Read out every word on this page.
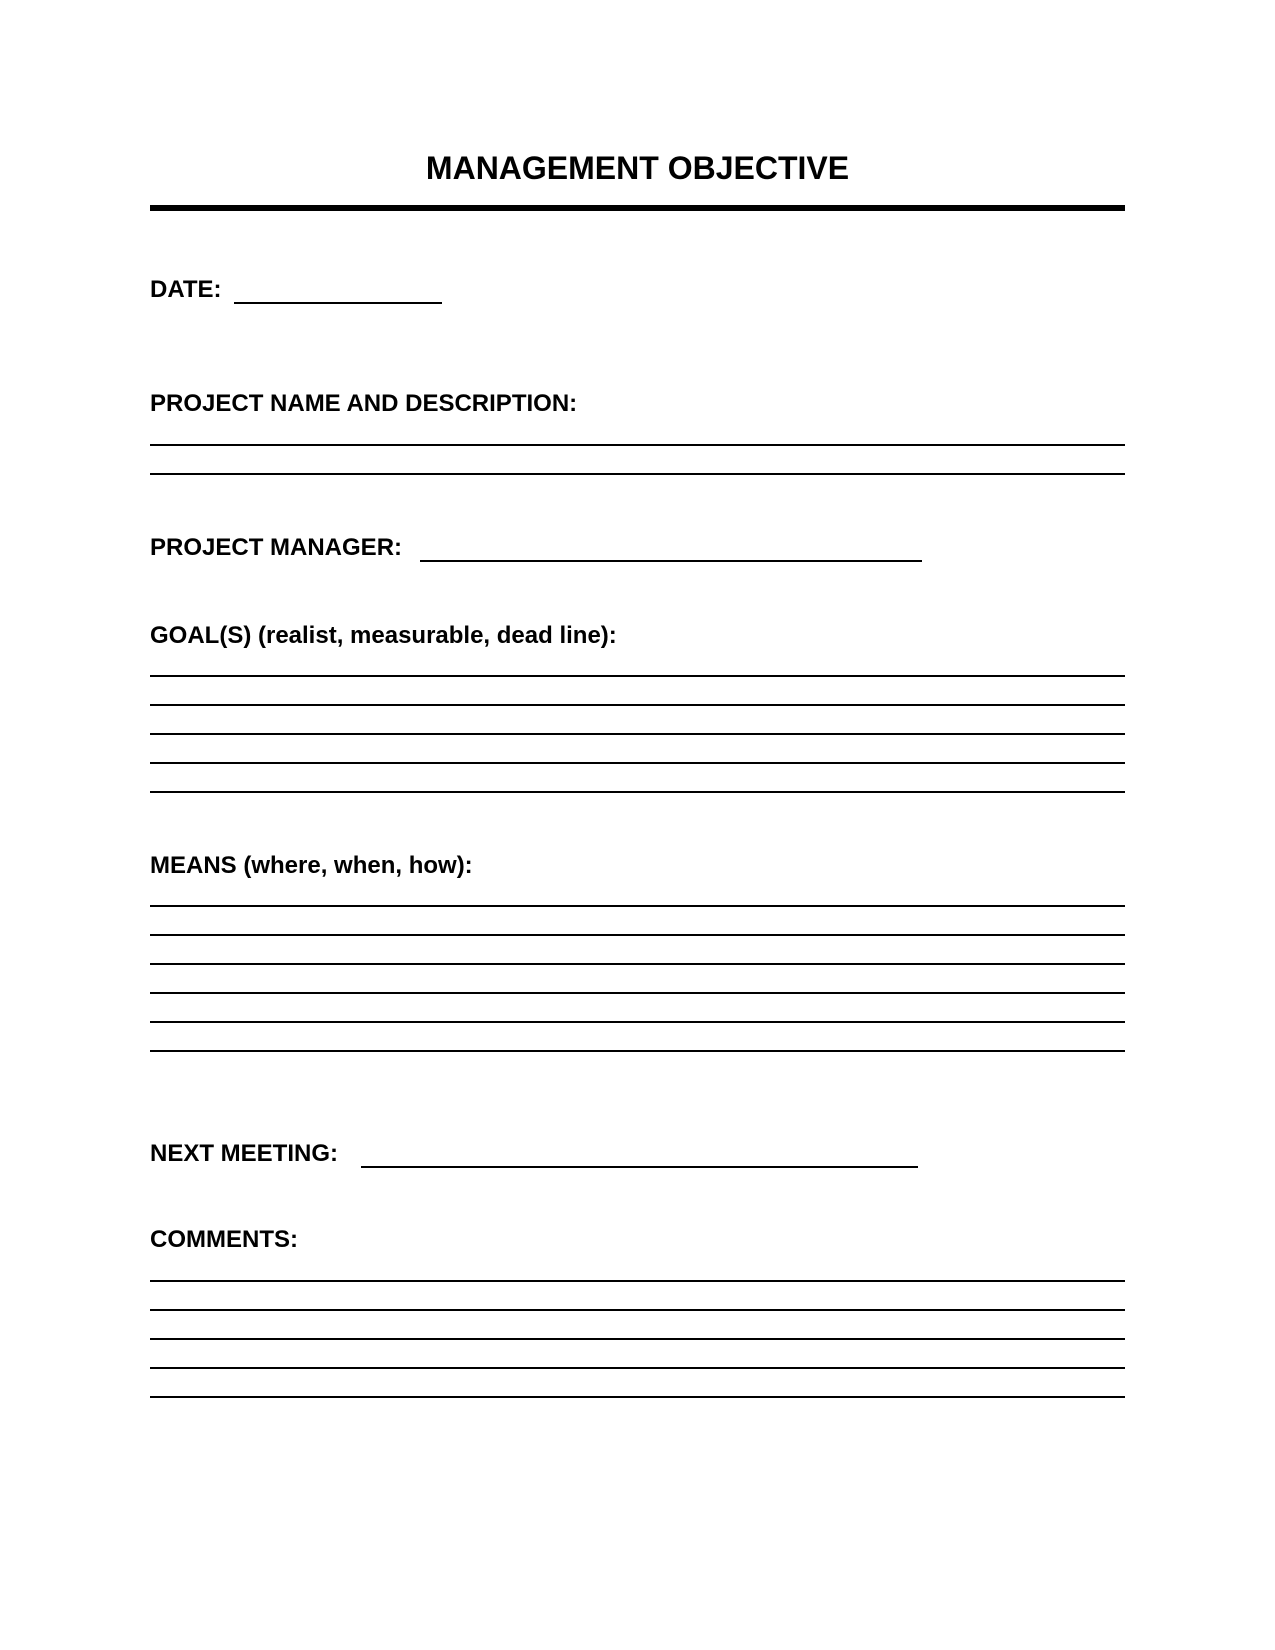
MANAGEMENT OBJECTIVE
DATE:
PROJECT NAME AND DESCRIPTION:
PROJECT MANAGER:
GOAL(S) (realist, measurable, dead line):
MEANS (where, when, how):
NEXT MEETING:
COMMENTS:
